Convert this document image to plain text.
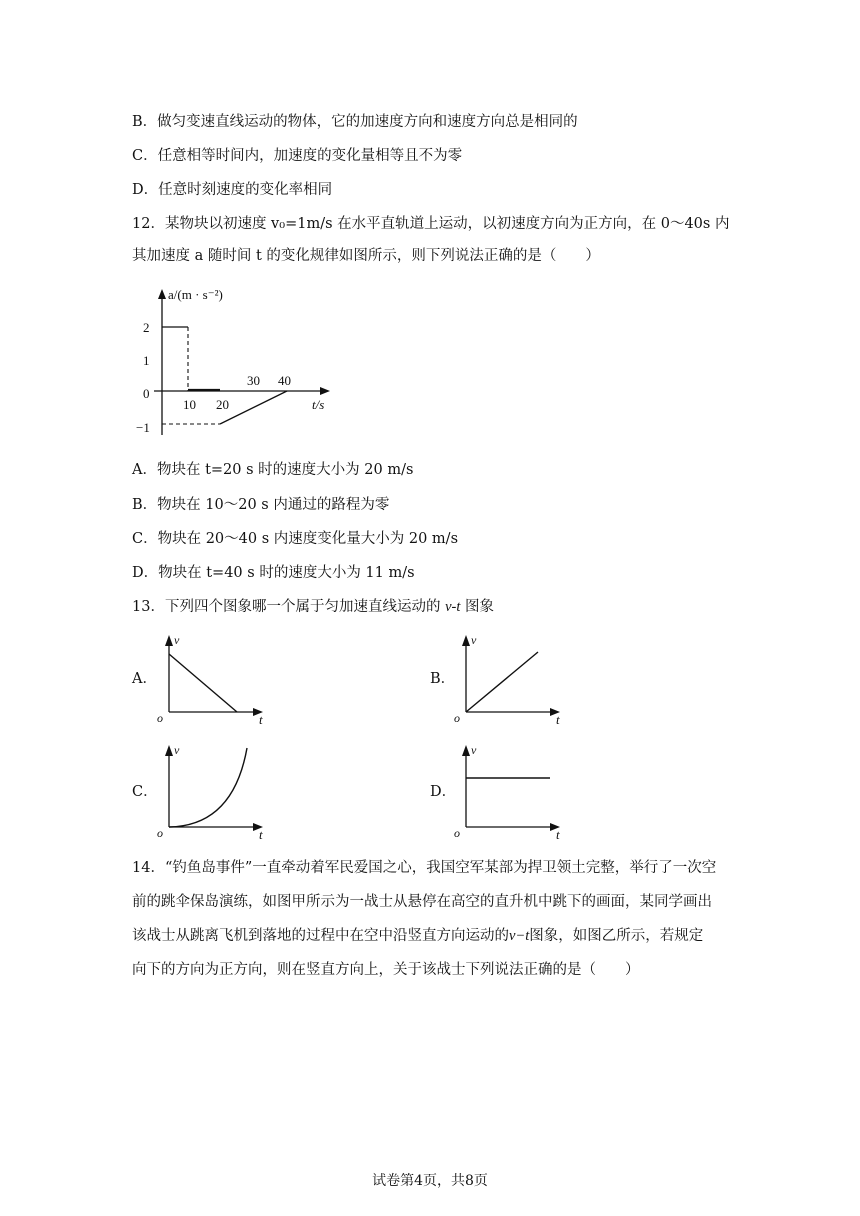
B．做匀变速直线运动的物体，它的加速度方向和速度方向总是相同的
C．任意相等时间内，加速度的变化量相等且不为零
D．任意时刻速度的变化率相同
12．某物块以初速度 v₀=1m/s 在水平直轨道上运动，以初速度方向为正方向，在 0～40s 内
其加速度 a 随时间 t 的变化规律如图所示，则下列说法正确的是（　　）
a/(m · s⁻²)
t/s
2
1
0
−1
10 20
30 40
A．物块在 t=20 s 时的速度大小为 20 m/s
B．物块在 10～20 s 内通过的路程为零
C．物块在 20～40 s 内速度变化量大小为 20 m/s
D．物块在 t=40 s 时的速度大小为 11 m/s
13．下列四个图象哪一个属于匀加速直线运动的 v-t 图象
A．	B．
C．	D．
v
t
o
v
t
o
v
t
o
v
t
o
14．“钓鱼岛事件”一直牵动着军民爱国之心，我国空军某部为捍卫领土完整，举行了一次空
前的跳伞保岛演练，如图甲所示为一战士从悬停在高空的直升机中跳下的画面，某同学画出
该战士从跳离飞机到落地的过程中在空中沿竖直方向运动的v−t图象，如图乙所示，若规定
向下的方向为正方向，则在竖直方向上，关于该战士下列说法正确的是（　　）
试卷第4页，共8页
